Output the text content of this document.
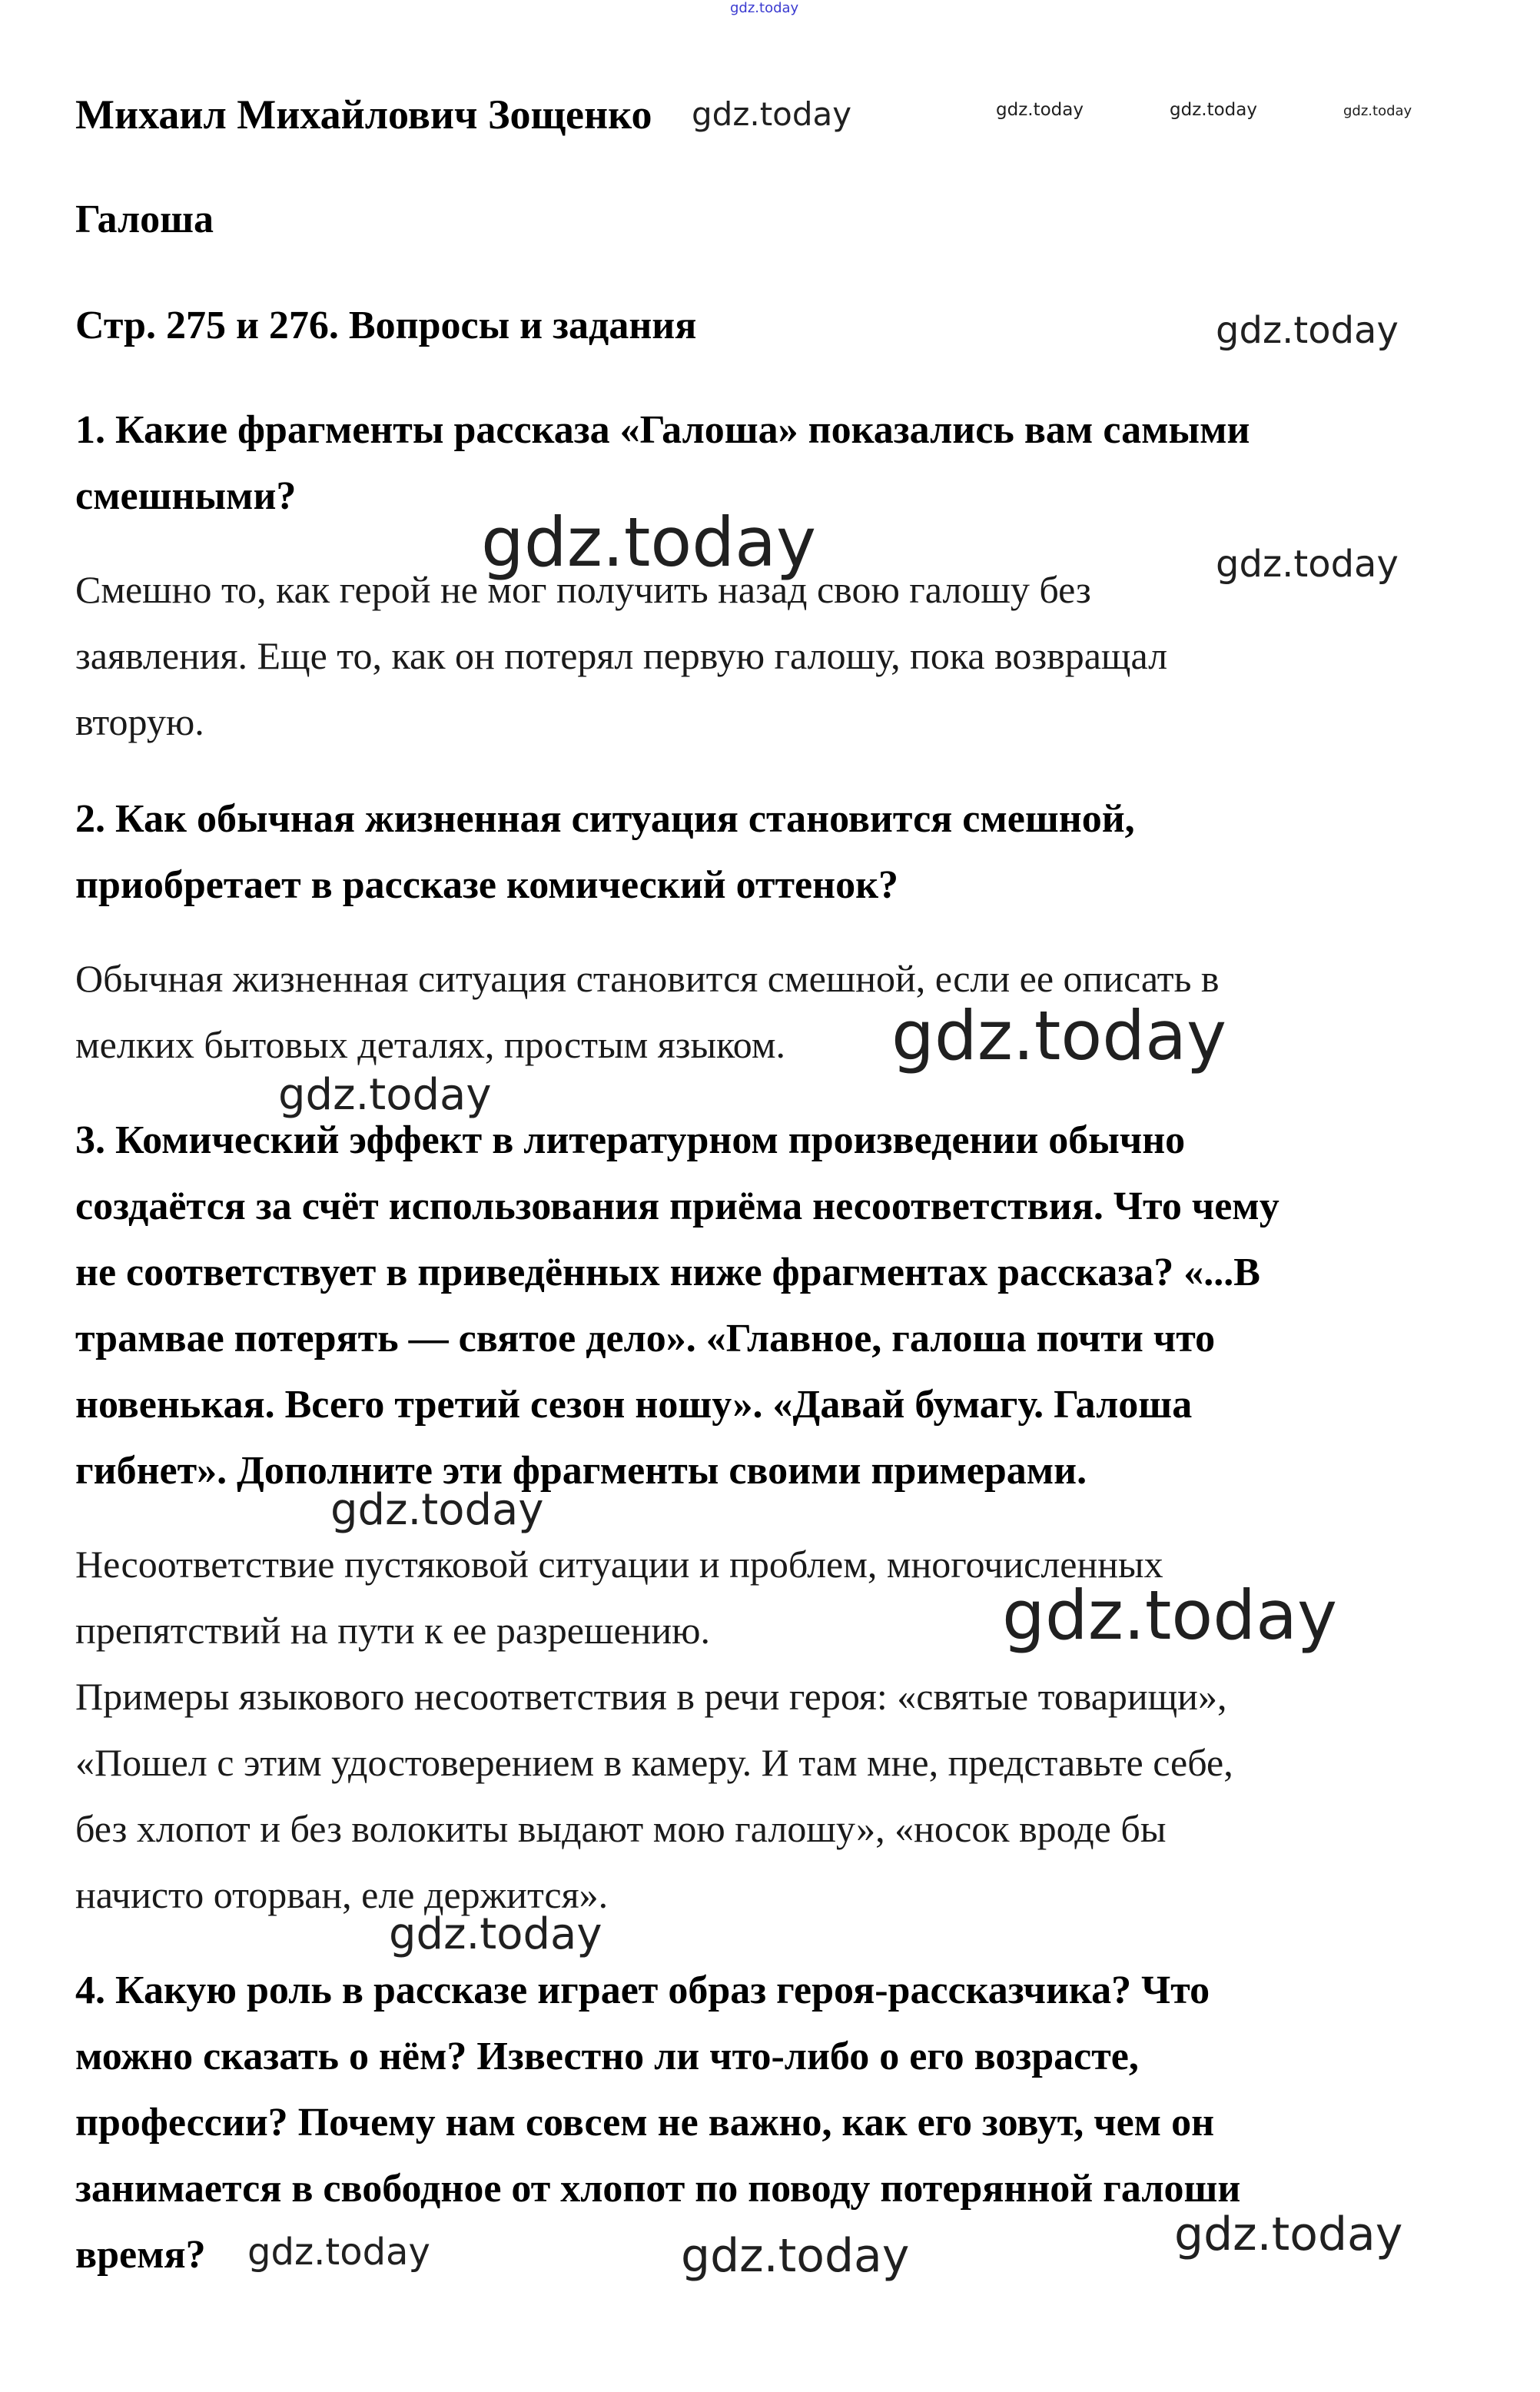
Михаил Михайлович Зощенко
Галоша
Стр. 275 и 276. Вопросы и задания
1. Какие фрагменты рассказа «Галоша» показались вам самыми
смешными?
Смешно то, как герой не мог получить назад свою галошу без
заявления. Еще то, как он потерял первую галошу, пока возвращал
вторую.
2. Как обычная жизненная ситуация становится смешной,
приобретает в рассказе комический оттенок?
Обычная жизненная ситуация становится смешной, если ее описать в
мелких бытовых деталях, простым языком.
3. Комический эффект в литературном произведении обычно
создаётся за счёт использования приёма несоответствия. Что чему
не соответствует в приведённых ниже фрагментах рассказа? «...В
трамвае потерять — святое дело». «Главное, галоша почти что
новенькая. Всего третий сезон ношу». «Давай бумагу. Галоша
гибнет». Дополните эти фрагменты своими примерами.
Несоответствие пустяковой ситуации и проблем, многочисленных
препятствий на пути к ее разрешению.
Примеры языкового несоответствия в речи героя: «святые товарищи»,
«Пошел с этим удостоверением в камеру. И там мне, представьте себе,
без хлопот и без волокиты выдают мою галошу», «носок вроде бы
начисто оторван, еле держится».
4. Какую роль в рассказе играет образ героя-рассказчика? Что
можно сказать о нём? Известно ли что-либо о его возрасте,
профессии? Почему нам совсем не важно, как его зовут, чем он
занимается в свободное от хлопот по поводу потерянной галоши
время?
gdz.today
gdz.today	gdz.today	gdz.today	gdz.today
gdz.today
gdz.today	gdz.today
gdz.today
gdz.today
gdz.today
gdz.today
gdz.today
gdz.today	gdz.today	gdz.today
